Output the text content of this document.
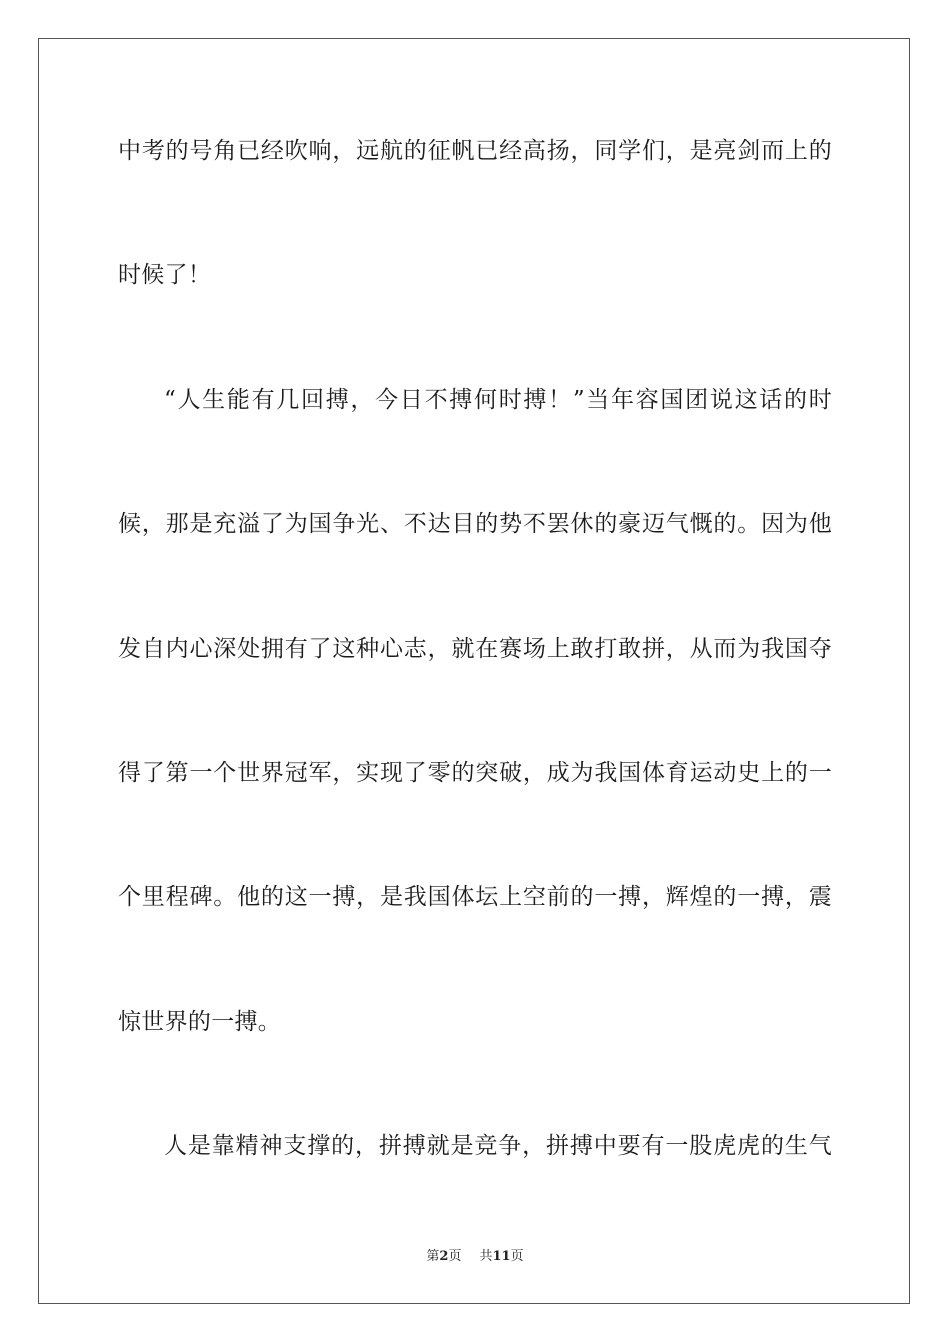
中考的号角已经吹响，远航的征帆已经高扬，同学们，是亮剑而上的
时候了！
“人生能有几回搏，今日不搏何时搏！”当年容国团说这话的时
候，那是充溢了为国争光、不达目的势不罢休的豪迈气慨的。因为他
发自内心深处拥有了这种心志，就在赛场上敢打敢拼，从而为我国夺
得了第一个世界冠军，实现了零的突破，成为我国体育运动史上的一
个里程碑。他的这一搏，是我国体坛上空前的一搏，辉煌的一搏，震
惊世界的一搏。
人是靠精神支撑的，拼搏就是竞争，拼搏中要有一股虎虎的生气
第2页 共11页
